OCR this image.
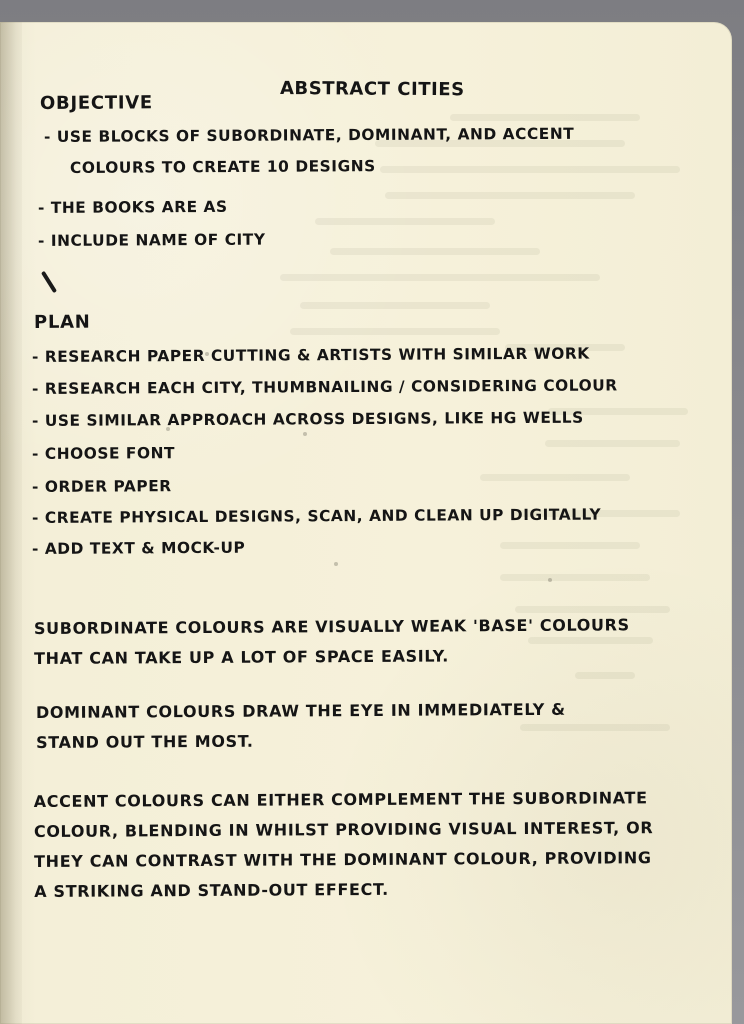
ABSTRACT CITIES
OBJECTIVE
- USE BLOCKS OF SUBORDINATE, DOMINANT, AND ACCENT
COLOURS TO CREATE 10 DESIGNS
- THE BOOKS ARE AS
- INCLUDE NAME OF CITY
PLAN
- RESEARCH PAPER CUTTING & ARTISTS WITH SIMILAR WORK
- RESEARCH EACH CITY, THUMBNAILING / CONSIDERING COLOUR
- USE SIMILAR APPROACH ACROSS DESIGNS, LIKE HG WELLS
- CHOOSE FONT
- ORDER PAPER
- CREATE PHYSICAL DESIGNS, SCAN, AND CLEAN UP DIGITALLY
- ADD TEXT & MOCK-UP
SUBORDINATE COLOURS ARE VISUALLY WEAK 'BASE' COLOURS
THAT CAN TAKE UP A LOT OF SPACE EASILY.
DOMINANT COLOURS DRAW THE EYE IN IMMEDIATELY &
STAND OUT THE MOST.
ACCENT COLOURS CAN EITHER COMPLEMENT THE SUBORDINATE
COLOUR, BLENDING IN WHILST PROVIDING VISUAL INTEREST, OR
THEY CAN CONTRAST WITH THE DOMINANT COLOUR, PROVIDING
A STRIKING AND STAND-OUT EFFECT.
